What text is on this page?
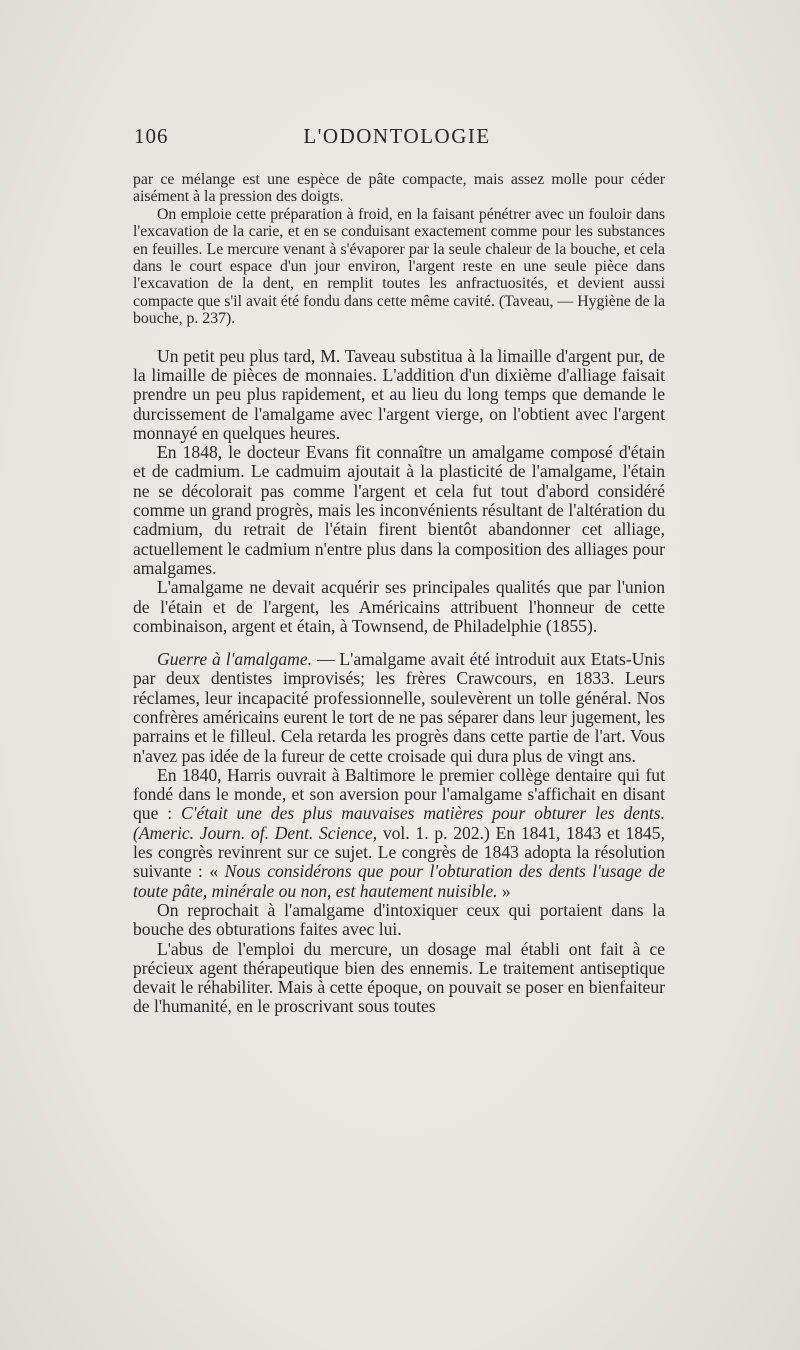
106	L'ODONTOLOGIE

par ce mélange est une espèce de pâte compacte, mais assez molle pour céder aisément à la pression des doigts.

On emploie cette préparation à froid, en la faisant pénétrer avec un fouloir dans l'excavation de la carie, et en se conduisant exactement comme pour les substances en feuilles. Le mercure venant à s'évaporer par la seule chaleur de la bouche, et cela dans le court espace d'un jour environ, l'argent reste en une seule pièce dans l'excavation de la dent, en remplit toutes les anfractuosités, et devient aussi compacte que s'il avait été fondu dans cette même cavité. (Taveau, — Hygiène de la bouche, p. 237).

Un petit peu plus tard, M. Taveau substitua à la limaille d'argent pur, de la limaille de pièces de monnaies. L'addition d'un dixième d'alliage faisait prendre un peu plus rapidement, et au lieu du long temps que demande le durcissement de l'amalgame avec l'argent vierge, on l'obtient avec l'argent monnayé en quelques heures.

En 1848, le docteur Evans fit connaître un amalgame composé d'étain et de cadmium. Le cadmuim ajoutait à la plasticité de l'amalgame, l'étain ne se décolorait pas comme l'argent et cela fut tout d'abord considéré comme un grand progrès, mais les inconvénients résultant de l'altération du cadmium, du retrait de l'étain firent bientôt abandonner cet alliage, actuellement le cadmium n'entre plus dans la composition des alliages pour amalgames.

L'amalgame ne devait acquérir ses principales qualités que par l'union de l'étain et de l'argent, les Américains attribuent l'honneur de cette combinaison, argent et étain, à Townsend, de Philadelphie (1855).

Guerre à l'amalgame. — L'amalgame avait été introduit aux Etats-Unis par deux dentistes improvisés; les frères Crawcours, en 1833. Leurs réclames, leur incapacité professionnelle, soulevèrent un tolle général. Nos confrères américains eurent le tort de ne pas séparer dans leur jugement, les parrains et le filleul. Cela retarda les progrès dans cette partie de l'art. Vous n'avez pas idée de la fureur de cette croisade qui dura plus de vingt ans.

En 1840, Harris ouvrait à Baltimore le premier collège dentaire qui fut fondé dans le monde, et son aversion pour l'amalgame s'affichait en disant que : C'était une des plus mauvaises matières pour obturer les dents. (Americ. Journ. of. Dent. Science, vol. 1. p. 202.) En 1841, 1843 et 1845, les congrès revinrent sur ce sujet. Le congrès de 1843 adopta la résolution suivante : « Nous considérons que pour l'obturation des dents l'usage de toute pâte, minérale ou non, est hautement nuisible. »

On reprochait à l'amalgame d'intoxiquer ceux qui portaient dans la bouche des obturations faites avec lui.

L'abus de l'emploi du mercure, un dosage mal établi ont fait à ce précieux agent thérapeutique bien des ennemis. Le traitement antiseptique devait le réhabiliter. Mais à cette époque, on pouvait se poser en bienfaiteur de l'humanité, en le proscrivant sous toutes
